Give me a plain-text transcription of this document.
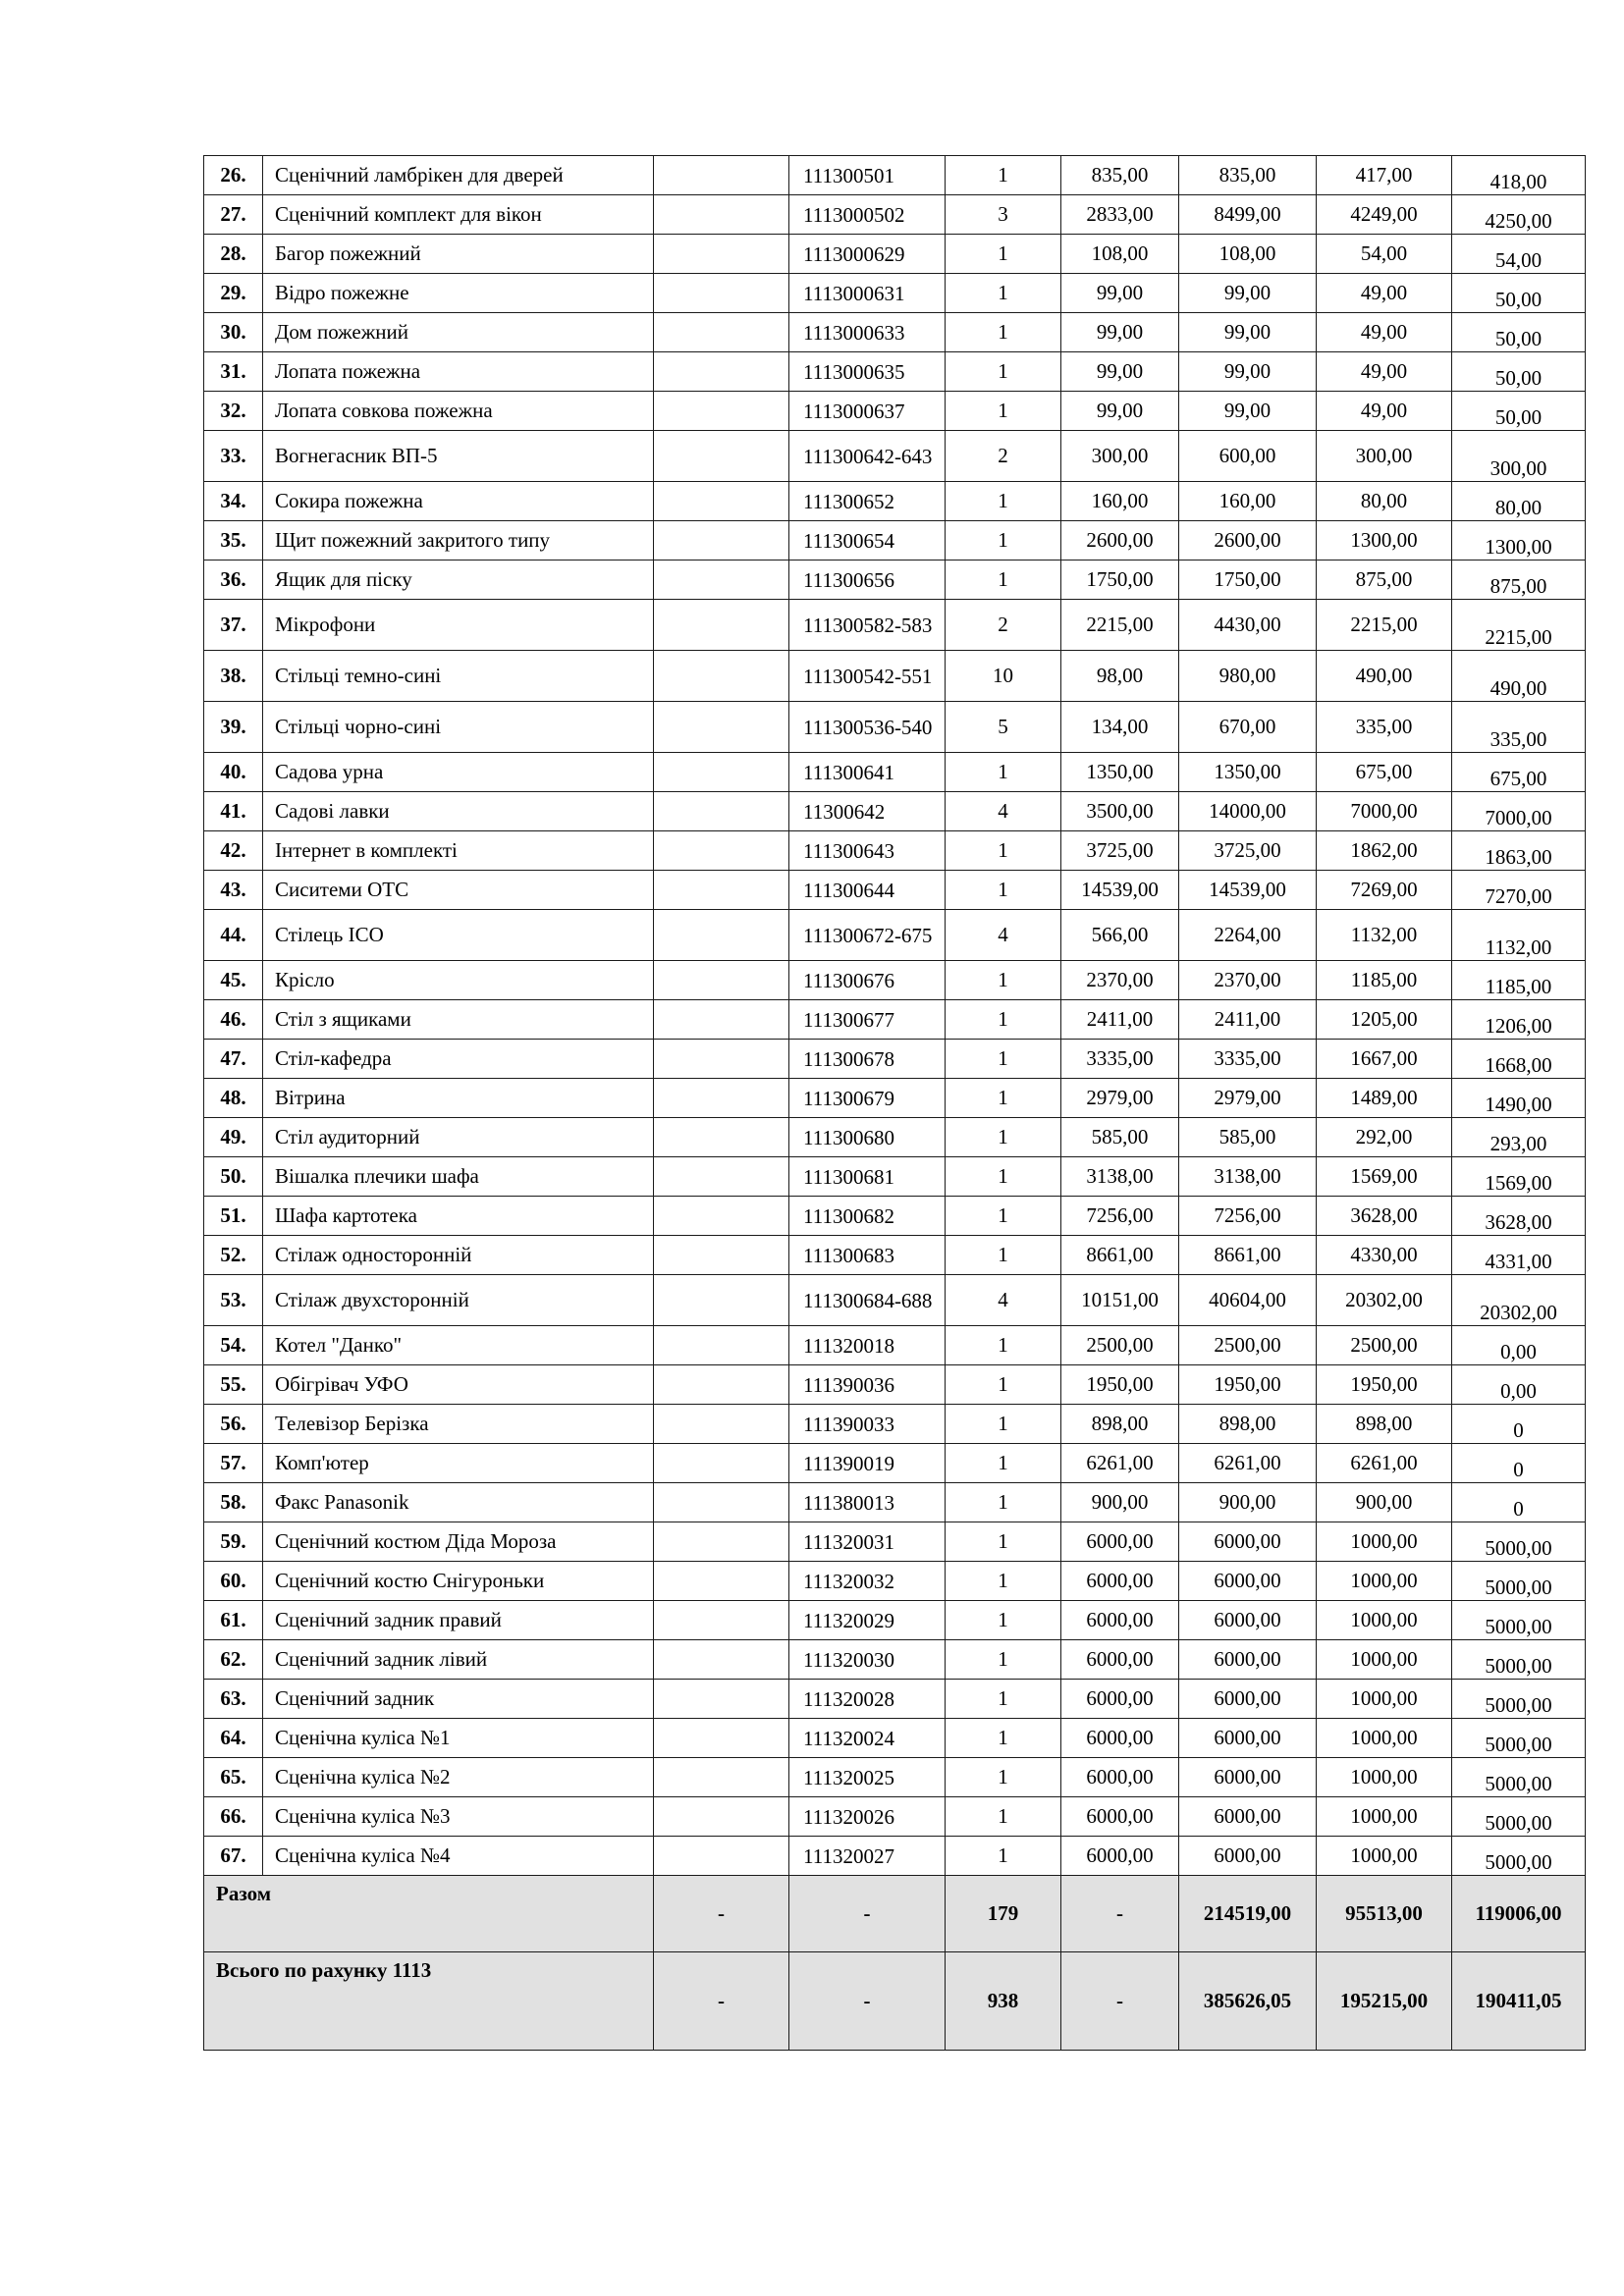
26.	Сценічний ламбрікен для дверей		111300501	1	835,00	835,00	417,00	418,00
27.	Сценічний комплект для вікон		1113000502	3	2833,00	8499,00	4249,00	4250,00
28.	Багор пожежний		1113000629	1	108,00	108,00	54,00	54,00
29.	Відро пожежне		1113000631	1	99,00	99,00	49,00	50,00
30.	Дом пожежний		1113000633	1	99,00	99,00	49,00	50,00
31.	Лопата пожежна		1113000635	1	99,00	99,00	49,00	50,00
32.	Лопата совкова пожежна		1113000637	1	99,00	99,00	49,00	50,00
33.	Вогнегасник ВП-5		111300642-643	2	300,00	600,00	300,00	300,00
34.	Сокира пожежна		111300652	1	160,00	160,00	80,00	80,00
35.	Щит пожежний закритого типу		111300654	1	2600,00	2600,00	1300,00	1300,00
36.	Ящик для піску		111300656	1	1750,00	1750,00	875,00	875,00
37.	Мікрофони		111300582-583	2	2215,00	4430,00	2215,00	2215,00
38.	Стільці темно-сині		111300542-551	10	98,00	980,00	490,00	490,00
39.	Стільці чорно-сині		111300536-540	5	134,00	670,00	335,00	335,00
40.	Садова урна		111300641	1	1350,00	1350,00	675,00	675,00
41.	Садові лавки		11300642	4	3500,00	14000,00	7000,00	7000,00
42.	Інтернет в комплекті		111300643	1	3725,00	3725,00	1862,00	1863,00
43.	Сиситеми ОТС		111300644	1	14539,00	14539,00	7269,00	7270,00
44.	Стілець ІСО		111300672-675	4	566,00	2264,00	1132,00	1132,00
45.	Крісло		111300676	1	2370,00	2370,00	1185,00	1185,00
46.	Стіл з ящиками		111300677	1	2411,00	2411,00	1205,00	1206,00
47.	Стіл-кафедра		111300678	1	3335,00	3335,00	1667,00	1668,00
48.	Вітрина		111300679	1	2979,00	2979,00	1489,00	1490,00
49.	Стіл аудиторний		111300680	1	585,00	585,00	292,00	293,00
50.	Вішалка плечики шафа		111300681	1	3138,00	3138,00	1569,00	1569,00
51.	Шафа картотека		111300682	1	7256,00	7256,00	3628,00	3628,00
52.	Стілаж односторонній		111300683	1	8661,00	8661,00	4330,00	4331,00
53.	Стілаж двухсторонній		111300684-688	4	10151,00	40604,00	20302,00	20302,00
54.	Котел "Данко"		111320018	1	2500,00	2500,00	2500,00	0,00
55.	Обігрівач УФО		111390036	1	1950,00	1950,00	1950,00	0,00
56.	Телевізор Берізка		111390033	1	898,00	898,00	898,00	0
57.	Комп'ютер		111390019	1	6261,00	6261,00	6261,00	0
58.	Факс Panasonik		111380013	1	900,00	900,00	900,00	0
59.	Сценічний костюм Діда Мороза		111320031	1	6000,00	6000,00	1000,00	5000,00
60.	Сценічний костю Снігуроньки		111320032	1	6000,00	6000,00	1000,00	5000,00
61.	Сценічний задник правий		111320029	1	6000,00	6000,00	1000,00	5000,00
62.	Сценічний задник лівий		111320030	1	6000,00	6000,00	1000,00	5000,00
63.	Сценічний задник		111320028	1	6000,00	6000,00	1000,00	5000,00
64.	Сценічна куліса №1		111320024	1	6000,00	6000,00	1000,00	5000,00
65.	Сценічна куліса №2		111320025	1	6000,00	6000,00	1000,00	5000,00
66.	Сценічна куліса №3		111320026	1	6000,00	6000,00	1000,00	5000,00
67.	Сценічна куліса №4		111320027	1	6000,00	6000,00	1000,00	5000,00
Разом		-	-	179	-	214519,00	95513,00	119006,00
Всього по рахунку 1113		-	-	938	-	385626,05	195215,00	190411,05
